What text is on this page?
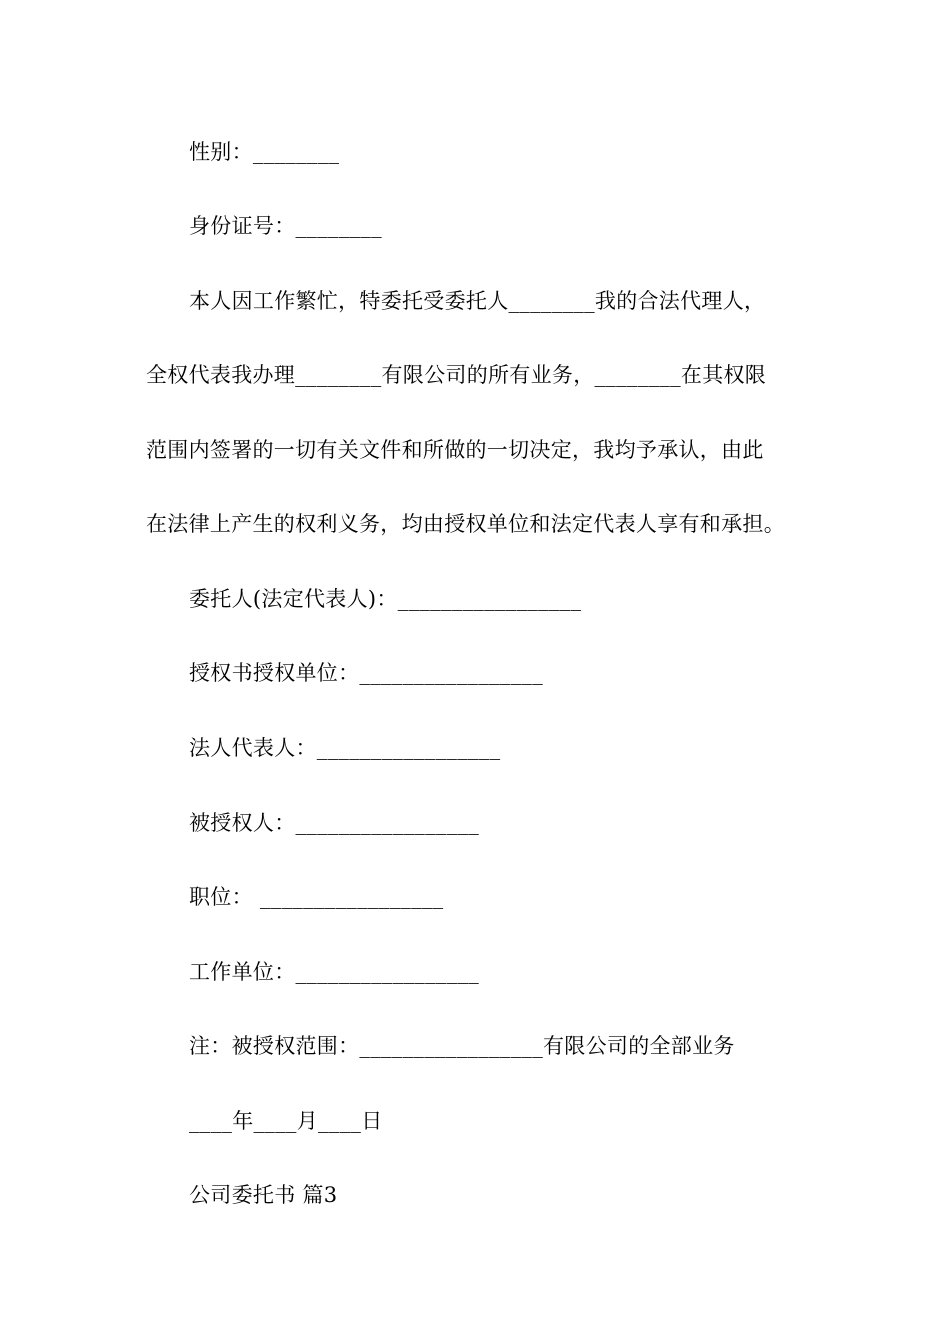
性别：________
身份证号：________
本人因工作繁忙，特委托受委托人________我的合法代理人，
全权代表我办理________有限公司的所有业务，________在其权限
范围内签署的一切有关文件和所做的一切决定，我均予承认，由此
在法律上产生的权利义务，均由授权单位和法定代表人享有和承担。
委托人(法定代表人)：_________________
授权书授权单位：_________________
法人代表人：_________________
被授权人：_________________
职位： _________________
工作单位：_________________
注：被授权范围：_________________有限公司的全部业务
____年____月____日
公司委托书 篇3
